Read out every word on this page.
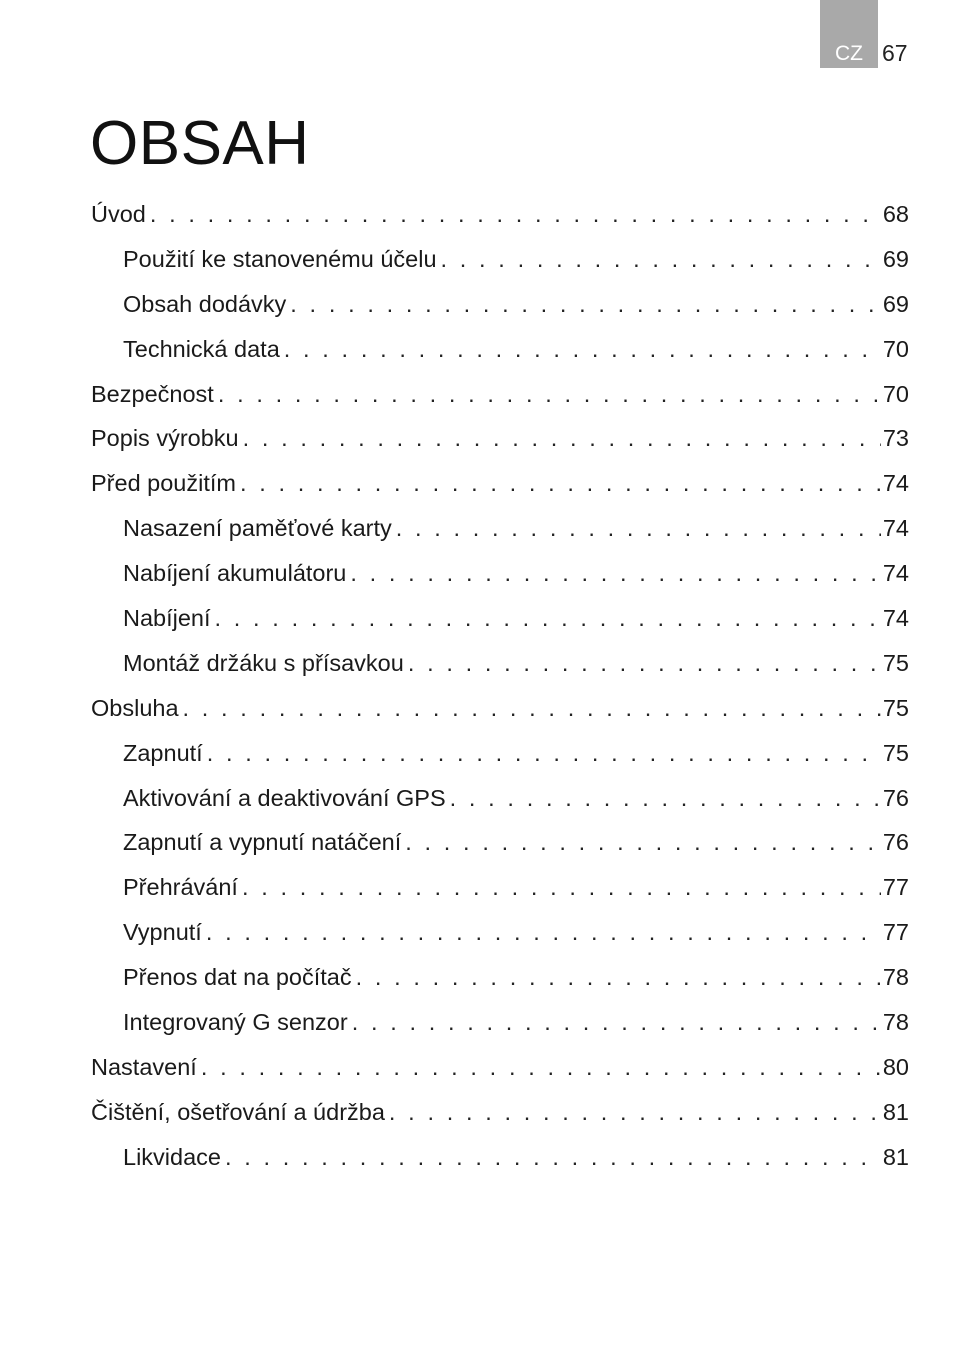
CZ 67
OBSAH
Úvod . . .	68
Použití ke stanovenému účelu . . .	69
Obsah dodávky . . .	69
Technická data . . .	70
Bezpečnost . . .	70
Popis výrobku . . .	73
Před použitím . . .	74
Nasazení paměťové karty . . .	74
Nabíjení akumulátoru . . .	74
Nabíjení . . .	74
Montáž držáku s přísavkou . . .	75
Obsluha . . .	75
Zapnutí . . .	75
Aktivování a deaktivování GPS . . .	76
Zapnutí a vypnutí natáčení . . .	76
Přehrávání . . .	77
Vypnutí . . .	77
Přenos dat na počítač . . .	78
Integrovaný G senzor . . .	78
Nastavení . . .	80
Čištění, ošetřování a údržba . . .	81
Likvidace . . .	81
